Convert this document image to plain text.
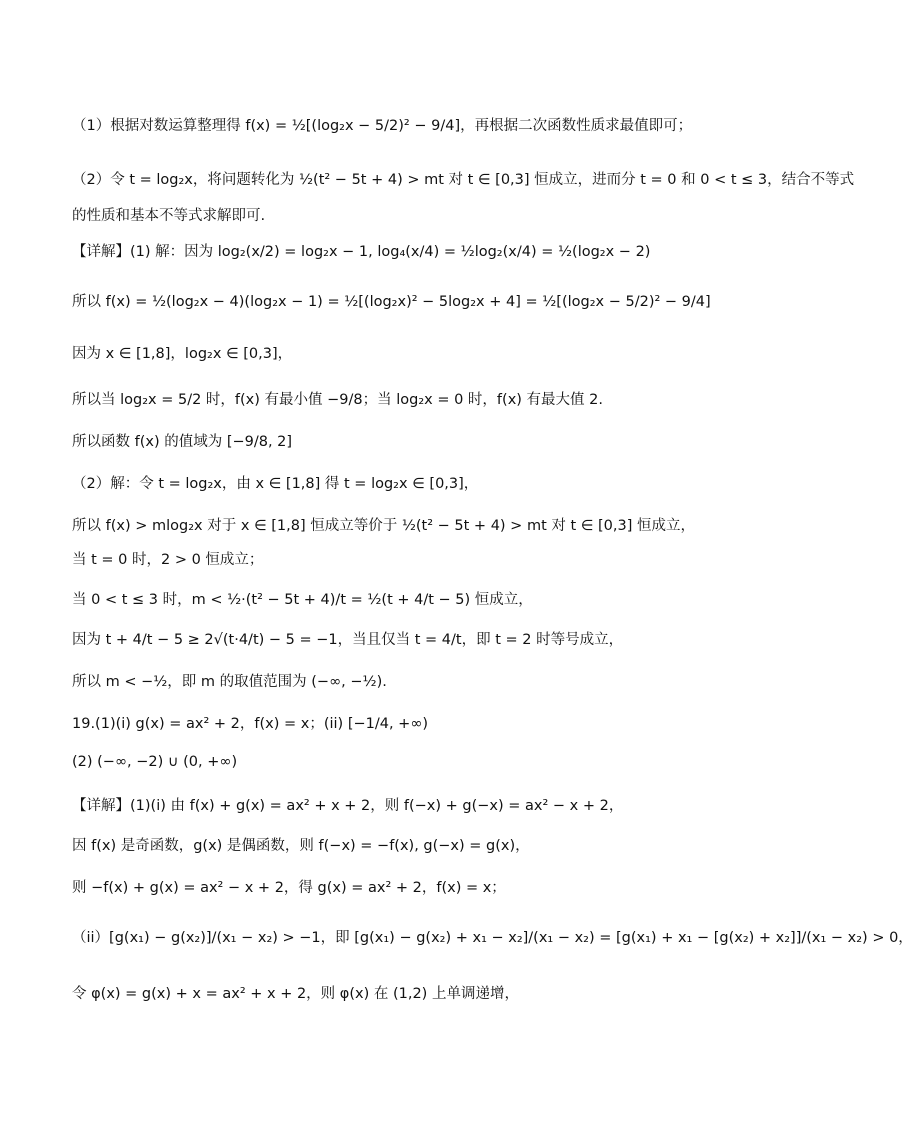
（1）根据对数运算整理得 f(x) = ½[(log₂x − 5/2)² − 9/4]，再根据二次函数性质求最值即可；
（2）令 t = log₂x，将问题转化为 ½(t² − 5t + 4) > mt 对 t ∈ [0,3] 恒成立，进而分 t = 0 和 0 < t ≤ 3，结合不等式
的性质和基本不等式求解即可.
【详解】(1) 解：因为 log₂(x/2) = log₂x − 1, log₄(x/4) = ½log₂(x/4) = ½(log₂x − 2)
所以 f(x) = ½(log₂x − 4)(log₂x − 1) = ½[(log₂x)² − 5log₂x + 4] = ½[(log₂x − 5/2)² − 9/4]
因为 x ∈ [1,8]，log₂x ∈ [0,3]，
所以当 log₂x = 5/2 时，f(x) 有最小值 −9/8；当 log₂x = 0 时，f(x) 有最大值 2.
所以函数 f(x) 的值域为 [−9/8, 2]
（2）解：令 t = log₂x，由 x ∈ [1,8] 得 t = log₂x ∈ [0,3]，
所以 f(x) > mlog₂x 对于 x ∈ [1,8] 恒成立等价于 ½(t² − 5t + 4) > mt 对 t ∈ [0,3] 恒成立，
当 t = 0 时，2 > 0 恒成立；
当 0 < t ≤ 3 时，m < ½·(t² − 5t + 4)/t = ½(t + 4/t − 5) 恒成立，
因为 t + 4/t − 5 ≥ 2√(t·4/t) − 5 = −1，当且仅当 t = 4/t，即 t = 2 时等号成立，
所以 m < −½，即 m 的取值范围为 (−∞, −½).
19.(1)(i) g(x) = ax² + 2，f(x) = x；(ii) [−1/4, +∞)
(2) (−∞, −2) ∪ (0, +∞)
【详解】(1)(i) 由 f(x) + g(x) = ax² + x + 2，则 f(−x) + g(−x) = ax² − x + 2，
因 f(x) 是奇函数，g(x) 是偶函数，则 f(−x) = −f(x), g(−x) = g(x)，
则 −f(x) + g(x) = ax² − x + 2，得 g(x) = ax² + 2，f(x) = x；
（ii）[g(x₁) − g(x₂)]/(x₁ − x₂) > −1，即 [g(x₁) − g(x₂) + x₁ − x₂]/(x₁ − x₂) = [g(x₁) + x₁ − [g(x₂) + x₂]]/(x₁ − x₂) > 0，
令 φ(x) = g(x) + x = ax² + x + 2，则 φ(x) 在 (1,2) 上单调递增，
